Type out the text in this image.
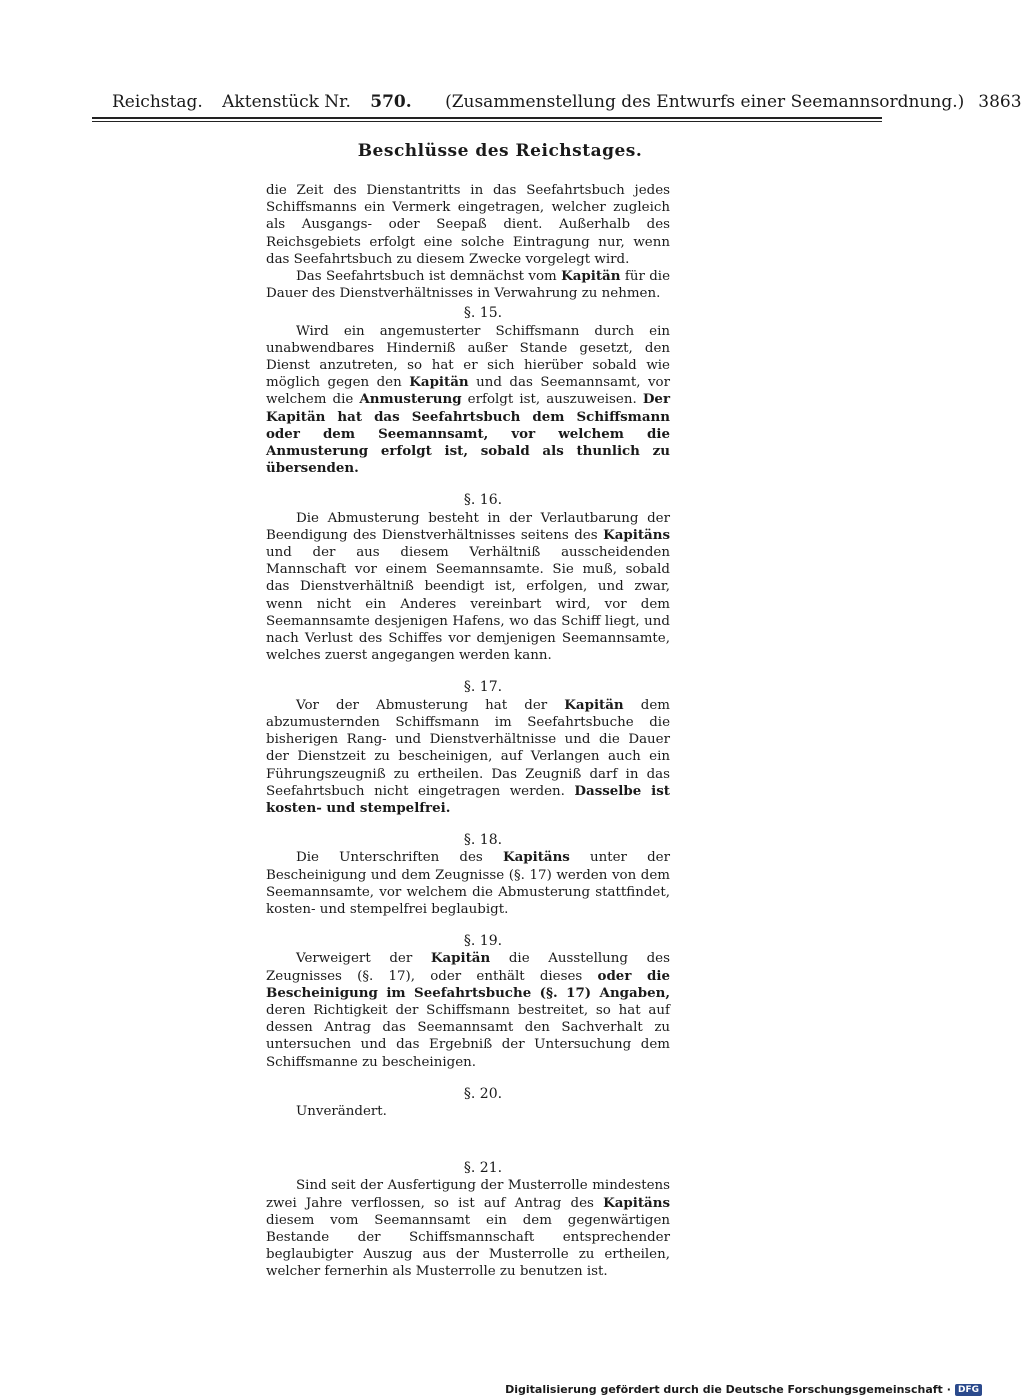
Reichstag. Aktenstück Nr. 570. (Zusammenstellung des Entwurfs einer Seemannsordnung.) 3863
Beschlüsse des Reichstages.

die Zeit des Dienstantritts in das Seefahrtsbuch jedes Schiffsmanns ein Vermerk eingetragen, welcher zugleich als Ausgangs- oder Seepaß dient. Außerhalb des Reichsgebiets erfolgt eine solche Eintragung nur, wenn das Seefahrtsbuch zu diesem Zwecke vorgelegt wird.

Das Seefahrtsbuch ist demnächst vom Kapitän für die Dauer des Dienstverhältnisses in Verwahrung zu nehmen.

§. 15.

Wird ein angemusterter Schiffsmann durch ein unabwendbares Hinderniß außer Stande gesetzt, den Dienst anzutreten, so hat er sich hierüber sobald wie möglich gegen den Kapitän und das Seemannsamt, vor welchem die Anmusterung erfolgt ist, auszuweisen. Der Kapitän hat das Seefahrtsbuch dem Schiffsmann oder dem Seemannsamt, vor welchem die Anmusterung erfolgt ist, sobald als thunlich zu übersenden.

§. 16.

Die Abmusterung besteht in der Verlautbarung der Beendigung des Dienstverhältnisses seitens des Kapitäns und der aus diesem Verhältniß ausscheidenden Mannschaft vor einem Seemannsamte. Sie muß, sobald das Dienstverhältniß beendigt ist, erfolgen, und zwar, wenn nicht ein Anderes vereinbart wird, vor dem Seemannsamte desjenigen Hafens, wo das Schiff liegt, und nach Verlust des Schiffes vor demjenigen Seemannsamte, welches zuerst angegangen werden kann.

§. 17.

Vor der Abmusterung hat der Kapitän dem abzumusternden Schiffsmann im Seefahrtsbuche die bisherigen Rang- und Dienstverhältnisse und die Dauer der Dienstzeit zu bescheinigen, auf Verlangen auch ein Führungszeugniß zu ertheilen. Das Zeugniß darf in das Seefahrtsbuch nicht eingetragen werden. Dasselbe ist kosten- und stempelfrei.

§. 18.

Die Unterschriften des Kapitäns unter der Bescheinigung und dem Zeugnisse (§. 17) werden von dem Seemannsamte, vor welchem die Abmusterung stattfindet, kosten- und stempelfrei beglaubigt.

§. 19.

Verweigert der Kapitän die Ausstellung des Zeugnisses (§. 17), oder enthält dieses oder die Bescheinigung im Seefahrtsbuche (§. 17) Angaben, deren Richtigkeit der Schiffsmann bestreitet, so hat auf dessen Antrag das Seemannsamt den Sachverhalt zu untersuchen und das Ergebniß der Untersuchung dem Schiffsmanne zu bescheinigen.

§. 20.

Unverändert.

§. 21.

Sind seit der Ausfertigung der Musterrolle mindestens zwei Jahre verflossen, so ist auf Antrag des Kapitäns diesem vom Seemannsamt ein dem gegenwärtigen Bestande der Schiffsmannschaft entsprechender beglaubigter Auszug aus der Musterrolle zu ertheilen, welcher fernerhin als Musterrolle zu benutzen ist.

Digitalisierung gefördert durch die Deutsche Forschungsgemeinschaft · DFG
